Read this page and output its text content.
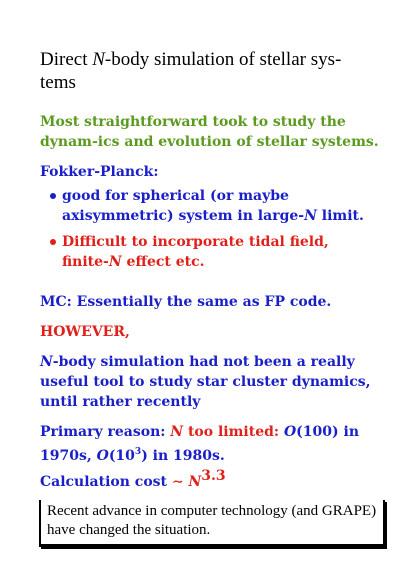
Direct N-body simulation of stellar sys-
tems
Most straightforward took to study the dynam-ics and evolution of stellar systems.
Fokker-Planck:
good for spherical (or maybe axisymmetric) system in large-N limit.
Difficult to incorporate tidal field, finite-N effect etc.
MC: Essentially the same as FP code.
HOWEVER,
N-body simulation had not been a really useful tool to study star cluster dynamics, until rather recently
Primary reason: N too limited: O(100) in 1970s, $O(10^3)$ in 1980s.
Calculation cost ∼ $N^{3.3}$
Recent advance in computer technology (and GRAPE) have changed the situation.
